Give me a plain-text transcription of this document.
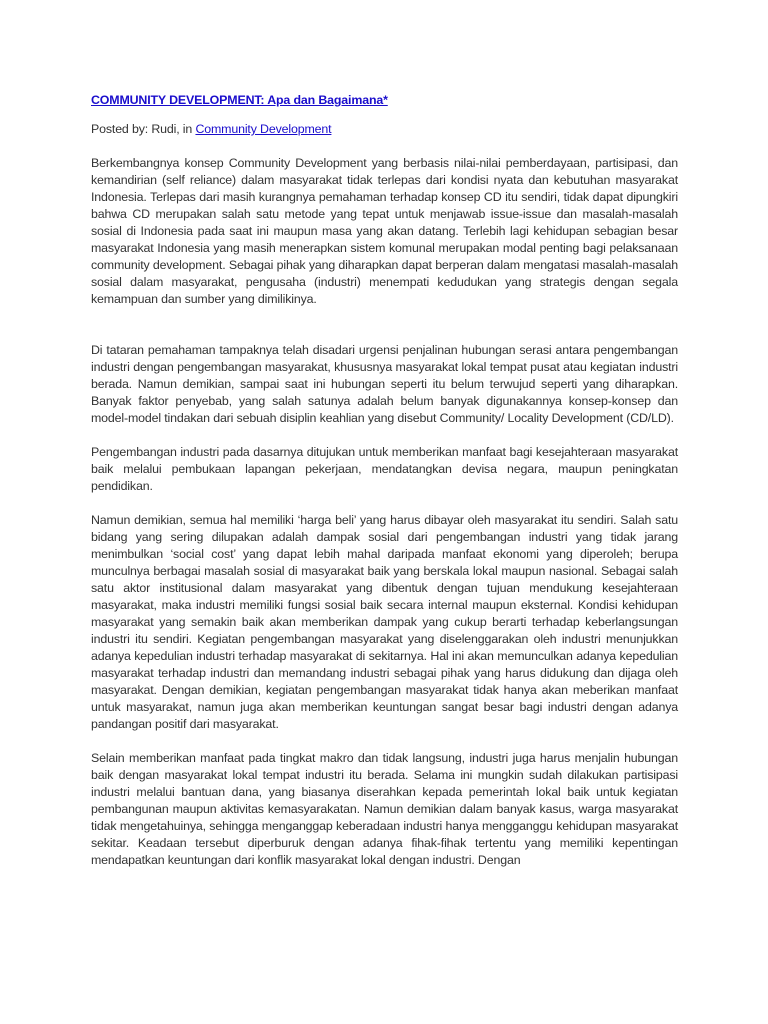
COMMUNITY DEVELOPMENT: Apa dan Bagaimana*
Posted by: Rudi, in Community Development

Berkembangnya konsep Community Development yang berbasis nilai-nilai pemberdayaan, partisipasi, dan kemandirian (self reliance) dalam masyarakat tidak terlepas dari kondisi nyata dan kebutuhan masyarakat Indonesia. Terlepas dari masih kurangnya pemahaman terhadap konsep CD itu sendiri, tidak dapat dipungkiri bahwa CD merupakan salah satu metode yang tepat untuk menjawab issue-issue dan masalah-masalah sosial di Indonesia pada saat ini maupun masa yang akan datang. Terlebih lagi kehidupan sebagian besar masyarakat Indonesia yang masih menerapkan sistem komunal merupakan modal penting bagi pelaksanaan community development. Sebagai pihak yang diharapkan dapat berperan dalam mengatasi masalah-masalah sosial dalam masyarakat, pengusaha (industri) menempati kedudukan yang strategis dengan segala kemampuan dan sumber yang dimilikinya.

Di tataran pemahaman tampaknya telah disadari urgensi penjalinan hubungan serasi antara pengembangan industri dengan pengembangan masyarakat, khususnya masyarakat lokal tempat pusat atau kegiatan industri berada. Namun demikian, sampai saat ini hubungan seperti itu belum terwujud seperti yang diharapkan. Banyak faktor penyebab, yang salah satunya adalah belum banyak digunakannya konsep-konsep dan model-model tindakan dari sebuah disiplin keahlian yang disebut Community/ Locality Development (CD/LD).

Pengembangan industri pada dasarnya ditujukan untuk memberikan manfaat bagi kesejahteraan masyarakat baik melalui pembukaan lapangan pekerjaan, mendatangkan devisa negara, maupun peningkatan pendidikan.

Namun demikian, semua hal memiliki ‘harga beli’ yang harus dibayar oleh masyarakat itu sendiri. Salah satu bidang yang sering dilupakan adalah dampak sosial dari pengembangan industri yang tidak jarang menimbulkan ‘social cost’ yang dapat lebih mahal daripada manfaat ekonomi yang diperoleh; berupa munculnya berbagai masalah sosial di masyarakat baik yang berskala lokal maupun nasional. Sebagai salah satu aktor institusional dalam masyarakat yang dibentuk dengan tujuan mendukung kesejahteraan masyarakat, maka industri memiliki fungsi sosial baik secara internal maupun eksternal. Kondisi kehidupan masyarakat yang semakin baik akan memberikan dampak yang cukup berarti terhadap keberlangsungan industri itu sendiri. Kegiatan pengembangan masyarakat yang diselenggarakan oleh industri menunjukkan adanya kepedulian industri terhadap masyarakat di sekitarnya. Hal ini akan memunculkan adanya kepedulian masyarakat terhadap industri dan memandang industri sebagai pihak yang harus didukung dan dijaga oleh masyarakat. Dengan demikian, kegiatan pengembangan masyarakat tidak hanya akan meberikan manfaat untuk masyarakat, namun juga akan memberikan keuntungan sangat besar bagi industri dengan adanya pandangan positif dari masyarakat.

Selain memberikan manfaat pada tingkat makro dan tidak langsung, industri juga harus menjalin hubungan baik dengan masyarakat lokal tempat industri itu berada. Selama ini mungkin sudah dilakukan partisipasi industri melalui bantuan dana, yang biasanya diserahkan kepada pemerintah lokal baik untuk kegiatan pembangunan maupun aktivitas kemasyarakatan. Namun demikian dalam banyak kasus, warga masyarakat tidak mengetahuinya, sehingga menganggap keberadaan industri hanya mengganggu kehidupan masyarakat sekitar. Keadaan tersebut diperburuk dengan adanya fihak-fihak tertentu yang memiliki kepentingan mendapatkan keuntungan dari konflik masyarakat lokal dengan industri. Dengan
